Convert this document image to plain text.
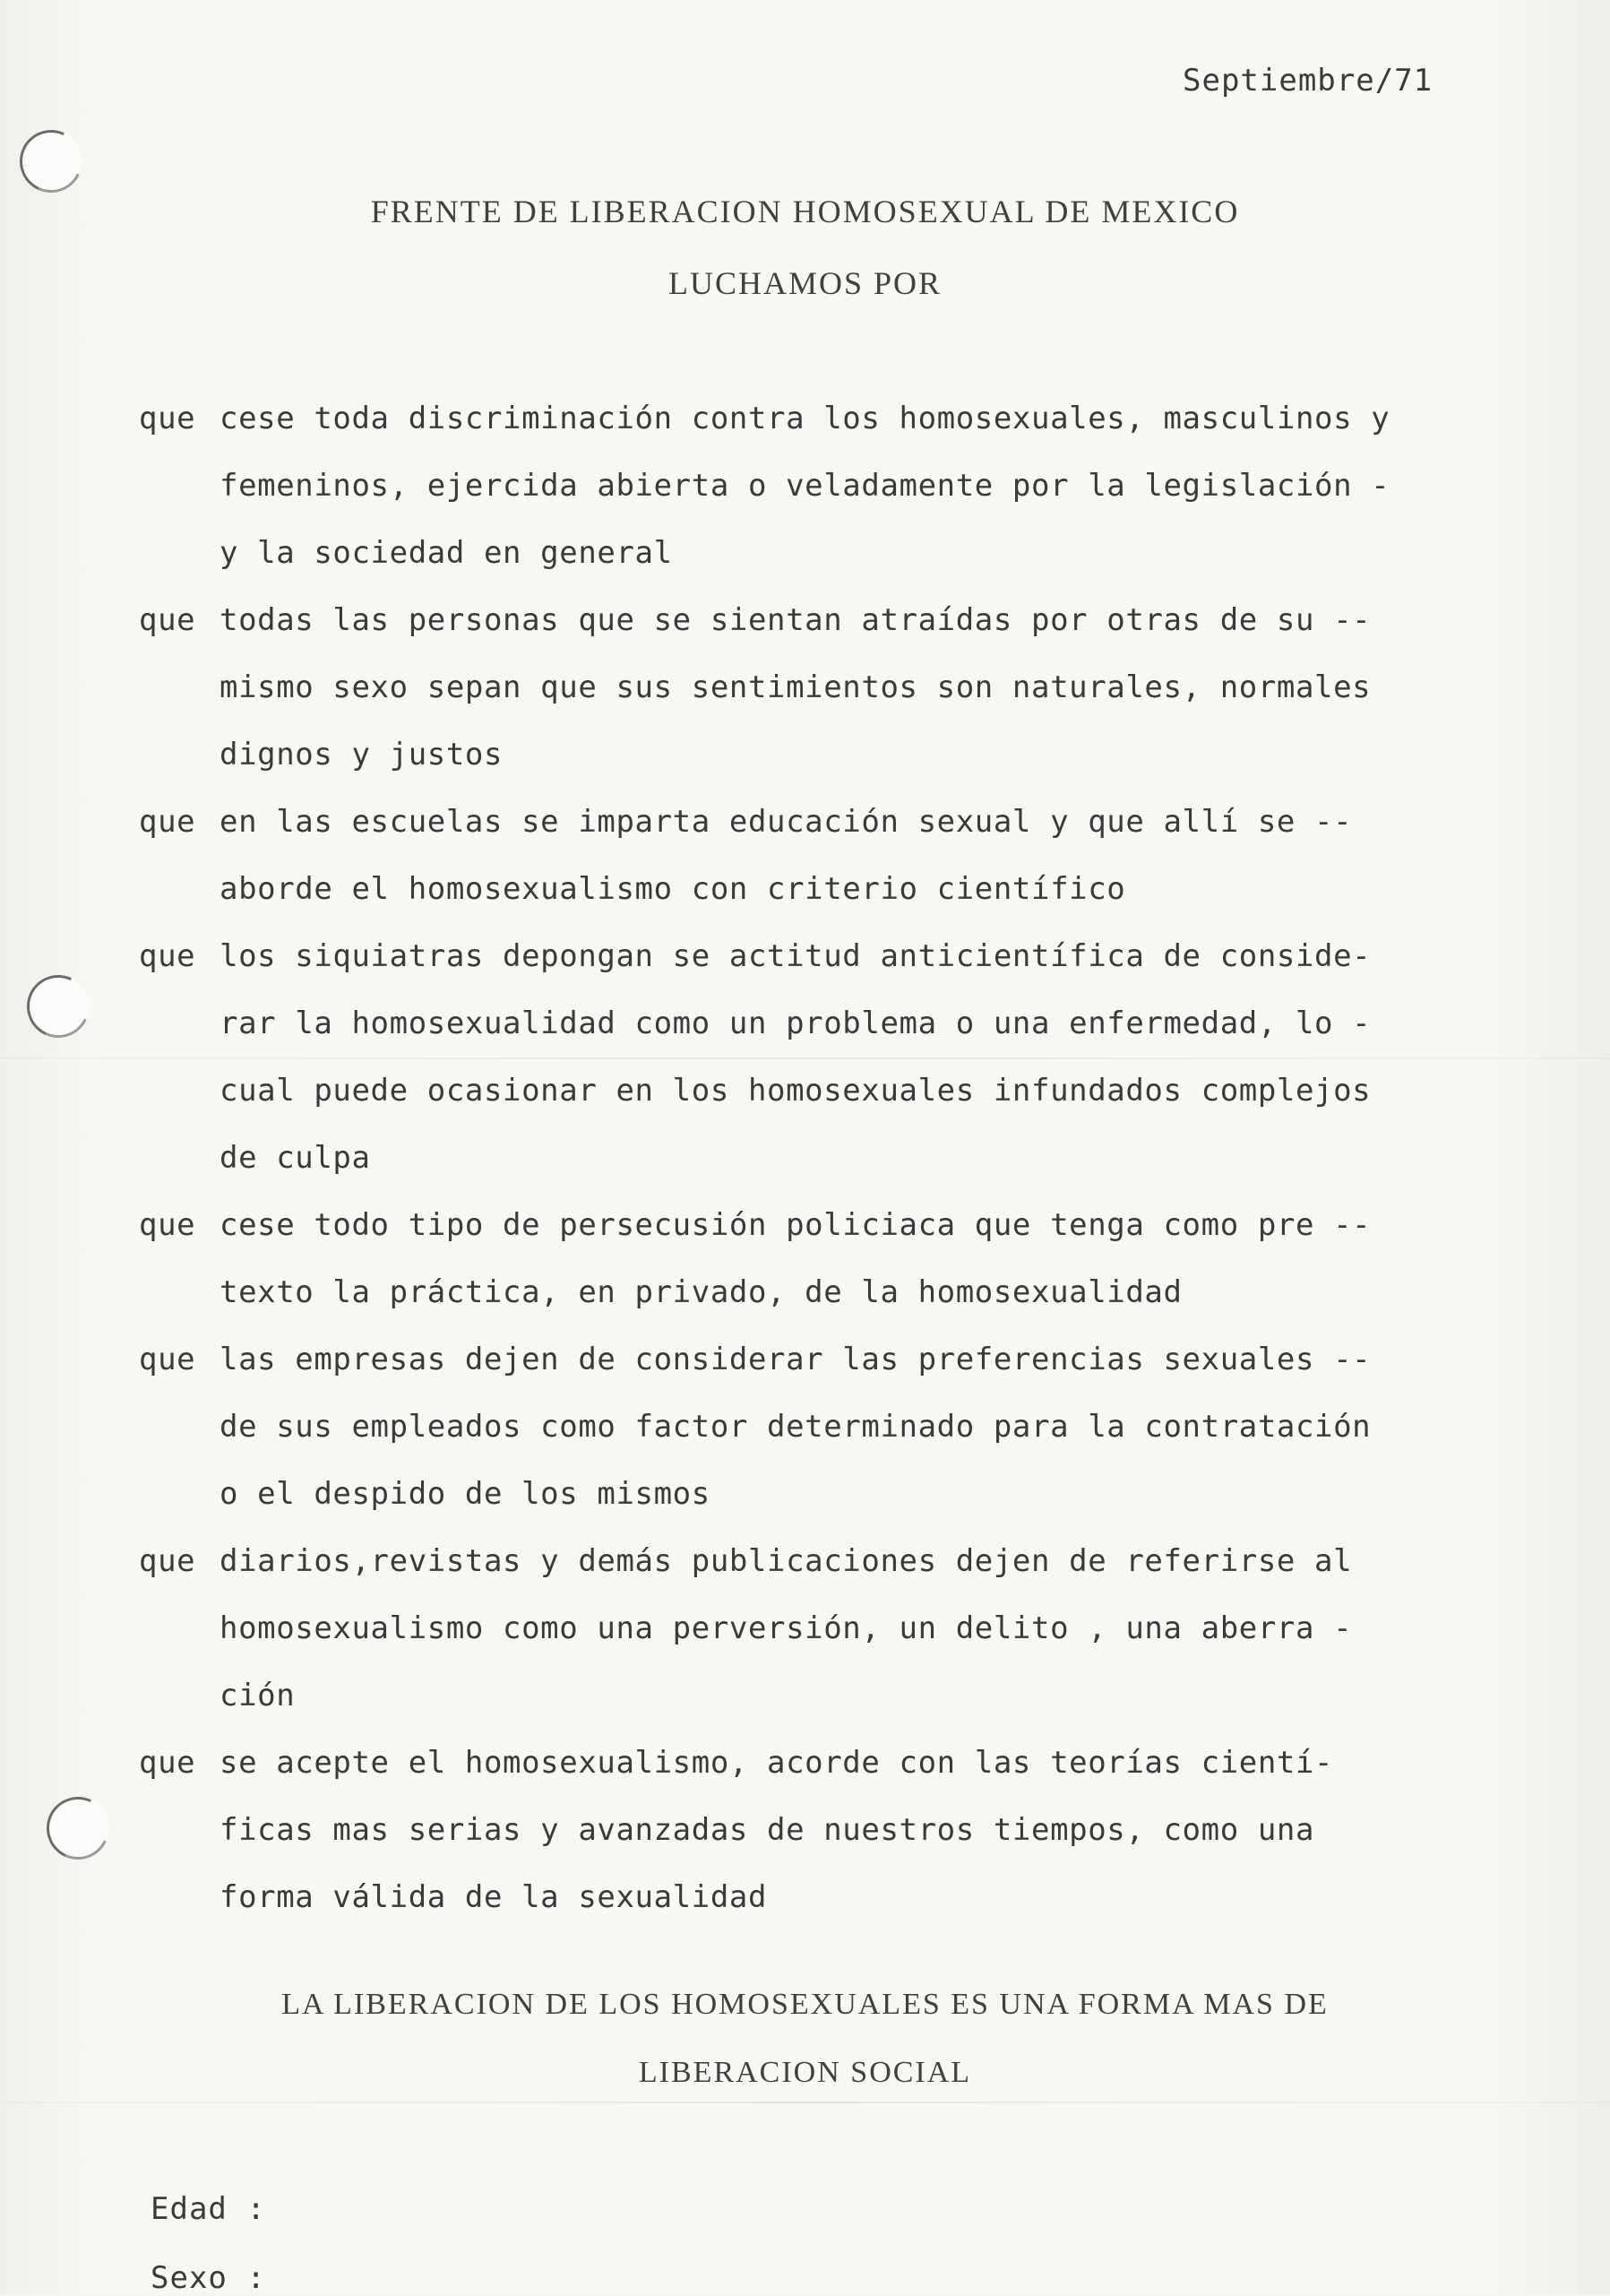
Septiembre/71
FRENTE DE LIBERACION HOMOSEXUAL DE MEXICO
LUCHAMOS POR
que cese toda discriminación contra los homosexuales, masculinos y
femeninos, ejercida abierta o veladamente por la legislación -
y la sociedad en general
que todas las personas que se sientan atraídas por otras de su --
mismo sexo sepan que sus sentimientos son naturales, normales
dignos y justos
que en las escuelas se imparta educación sexual y que allí se --
aborde el homosexualismo con criterio científico
que los siquiatras depongan se actitud anticientífica de conside-
rar la homosexualidad como un problema o una enfermedad, lo -
cual puede ocasionar en los homosexuales infundados complejos
de culpa
que cese todo tipo de persecusión policiaca que tenga como pre --
texto la práctica, en privado, de la homosexualidad
que las empresas dejen de considerar las preferencias sexuales --
de sus empleados como factor determinado para la contratación
o el despido de los mismos
que diarios,revistas y demás publicaciones dejen de referirse al
homosexualismo como una perversión, un delito , una aberra -
ción
que se acepte el homosexualismo, acorde con las teorías cientí-
ficas mas serias y avanzadas de nuestros tiempos, como una
forma válida de la sexualidad
LA LIBERACION DE LOS HOMOSEXUALES ES UNA FORMA MAS DE
LIBERACION SOCIAL
Edad :
Sexo :
